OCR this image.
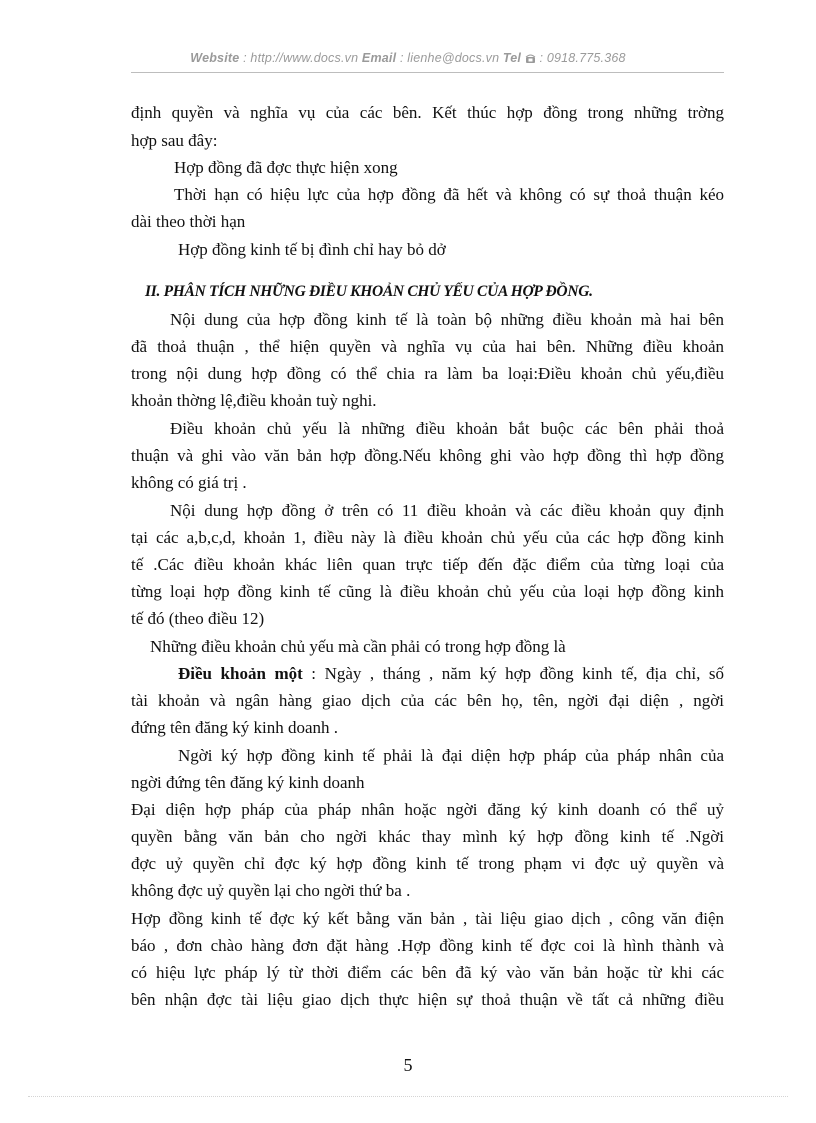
Website : http://www.docs.vn Email : lienhe@docs.vn Tel  : 0918.775.368
định quyền và nghĩa vụ của các bên. Kết thúc hợp đồng trong những trờng
hợp sau đây:
Hợp đồng đã đợc thực hiện xong
Thời hạn có hiệu lực của hợp đồng đã hết và không có sự thoả thuận kéo
dài theo thời hạn
Hợp đồng kinh tế bị đình chỉ hay bỏ dở
II. PHÂN TÍCH NHỮNG ĐIỀU KHOẢN CHỦ YẾU CỦA HỢP ĐỒNG.
Nội dung của hợp đồng kinh tế là toàn bộ những điều khoản mà hai bên
đã thoả thuận , thể hiện quyền và nghĩa vụ của hai bên. Những điều khoản
trong nội dung hợp đồng có thể chia ra làm ba loại:Điều khoản chủ yếu,điều
khoản thờng lệ,điều khoản tuỳ nghi.
Điều khoản chủ yếu là những điều khoản bắt buộc các bên phải thoả
thuận và ghi vào văn bản hợp đồng.Nếu không ghi vào hợp đồng thì hợp đồng
không có giá trị .
Nội dung hợp đồng ở trên có 11 điều khoản và các điều khoản quy định
tại các a,b,c,d, khoản 1, điều này là điều khoản chủ yếu của các hợp đồng kinh
tế .Các điều khoản khác liên quan trực tiếp đến đặc điểm của từng loại của
từng loại hợp đồng kinh tế cũng là điều khoản chủ yếu của loại hợp đồng kinh
tế đó (theo điều 12)
Những điều khoản chủ yếu mà cần phải có trong hợp đồng là
Điều khoản một : Ngày , tháng , năm ký hợp đồng kinh tế, địa chỉ, số
tài khoản và ngân hàng giao dịch của các bên họ, tên, ngời đại diện , ngời
đứng tên đăng ký kinh doanh .
Ngời ký hợp đồng kinh tế phải là đại diện hợp pháp của pháp nhân của
ngời đứng tên đăng ký kinh doanh
Đại diện hợp pháp của pháp nhân hoặc ngời đăng ký kinh doanh có thể uỷ
quyền bằng văn bản cho ngời khác thay mình ký hợp đồng kinh tế .Ngời
đợc uỷ quyền chỉ đợc ký hợp đồng kinh tế trong phạm vi đợc uỷ quyền và
không đợc uỷ quyền lại cho ngời thứ ba .
Hợp đồng kinh tế đợc ký kết bằng văn bản , tài liệu giao dịch , công văn điện
báo , đơn chào hàng đơn đặt hàng .Hợp đồng kinh tế đợc coi là hình thành và
có hiệu lực pháp lý từ thời điểm các bên đã ký vào văn bản hoặc từ khi các
bên nhận đợc tài liệu giao dịch thực hiện sự thoả thuận về tất cả những điều
5
